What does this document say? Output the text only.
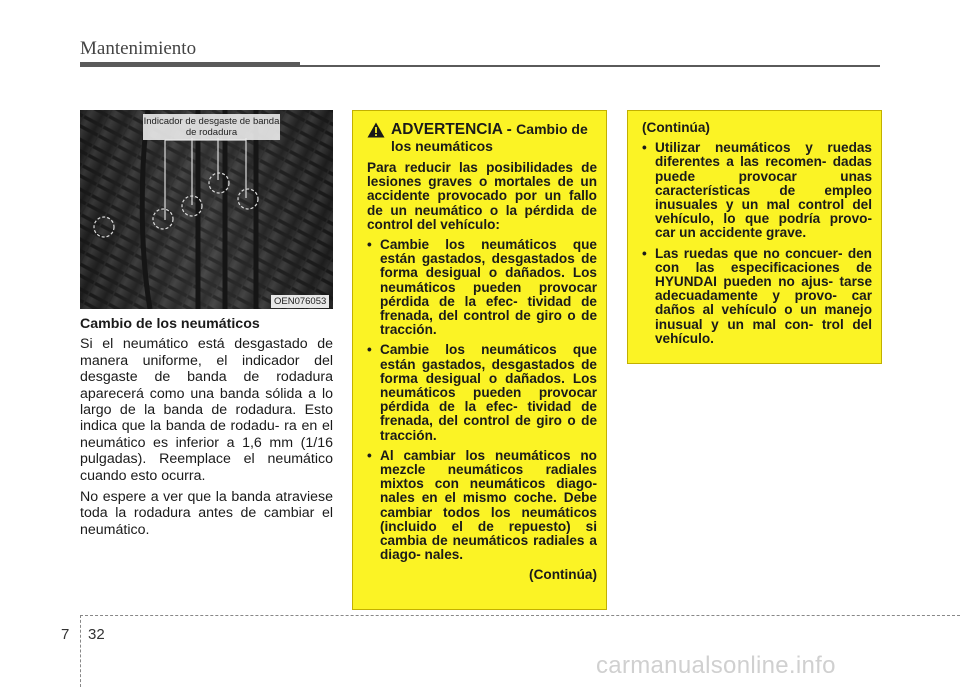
Mantenimiento
Indicador de desgaste de banda de rodadura
OEN076053
Cambio de los neumáticos

Si el neumático está desgastado de manera uniforme, el indicador del desgaste de banda de rodadura aparecerá como una banda sólida a lo largo de la banda de rodadura. Esto indica que la banda de rodadu- ra en el neumático es inferior a 1,6 mm (1/16 pulgadas). Reemplace el neumático cuando esto ocurra.

No espere a ver que la banda atraviese toda la rodadura antes de cambiar el neumático.

ADVERTENCIA - Cambio de los neumáticos

Para reducir las posibilidades de lesiones graves o mortales de un accidente provocado por un fallo de un neumático o la pérdida de control del vehículo:

• Cambie los neumáticos que están gastados, desgastados de forma desigual o dañados. Los neumáticos pueden provocar pérdida de la efec- tividad de frenada, del control de giro o de tracción.
• Cambie los neumáticos que están gastados, desgastados de forma desigual o dañados. Los neumáticos pueden provocar pérdida de la efec- tividad de frenada, del control de giro o de tracción.
• Al cambiar los neumáticos no mezcle neumáticos radiales mixtos con neumáticos diago- nales en el mismo coche. Debe cambiar todos los neumáticos (incluido el de repuesto) si cambia de neumáticos radiales a diago- nales.
(Continúa)
(Continúa)
• Utilizar neumáticos y ruedas diferentes a las recomen- dadas puede provocar unas características de empleo inusuales y un mal control del vehículo, lo que podría provo- car un accidente grave.
• Las ruedas que no concuer- den con las especificaciones de HYUNDAI pueden no ajus- tarse adecuadamente y provo- car daños al vehículo o un manejo inusual y un mal con- trol del vehículo.
7 32
carmanualsonline.info
